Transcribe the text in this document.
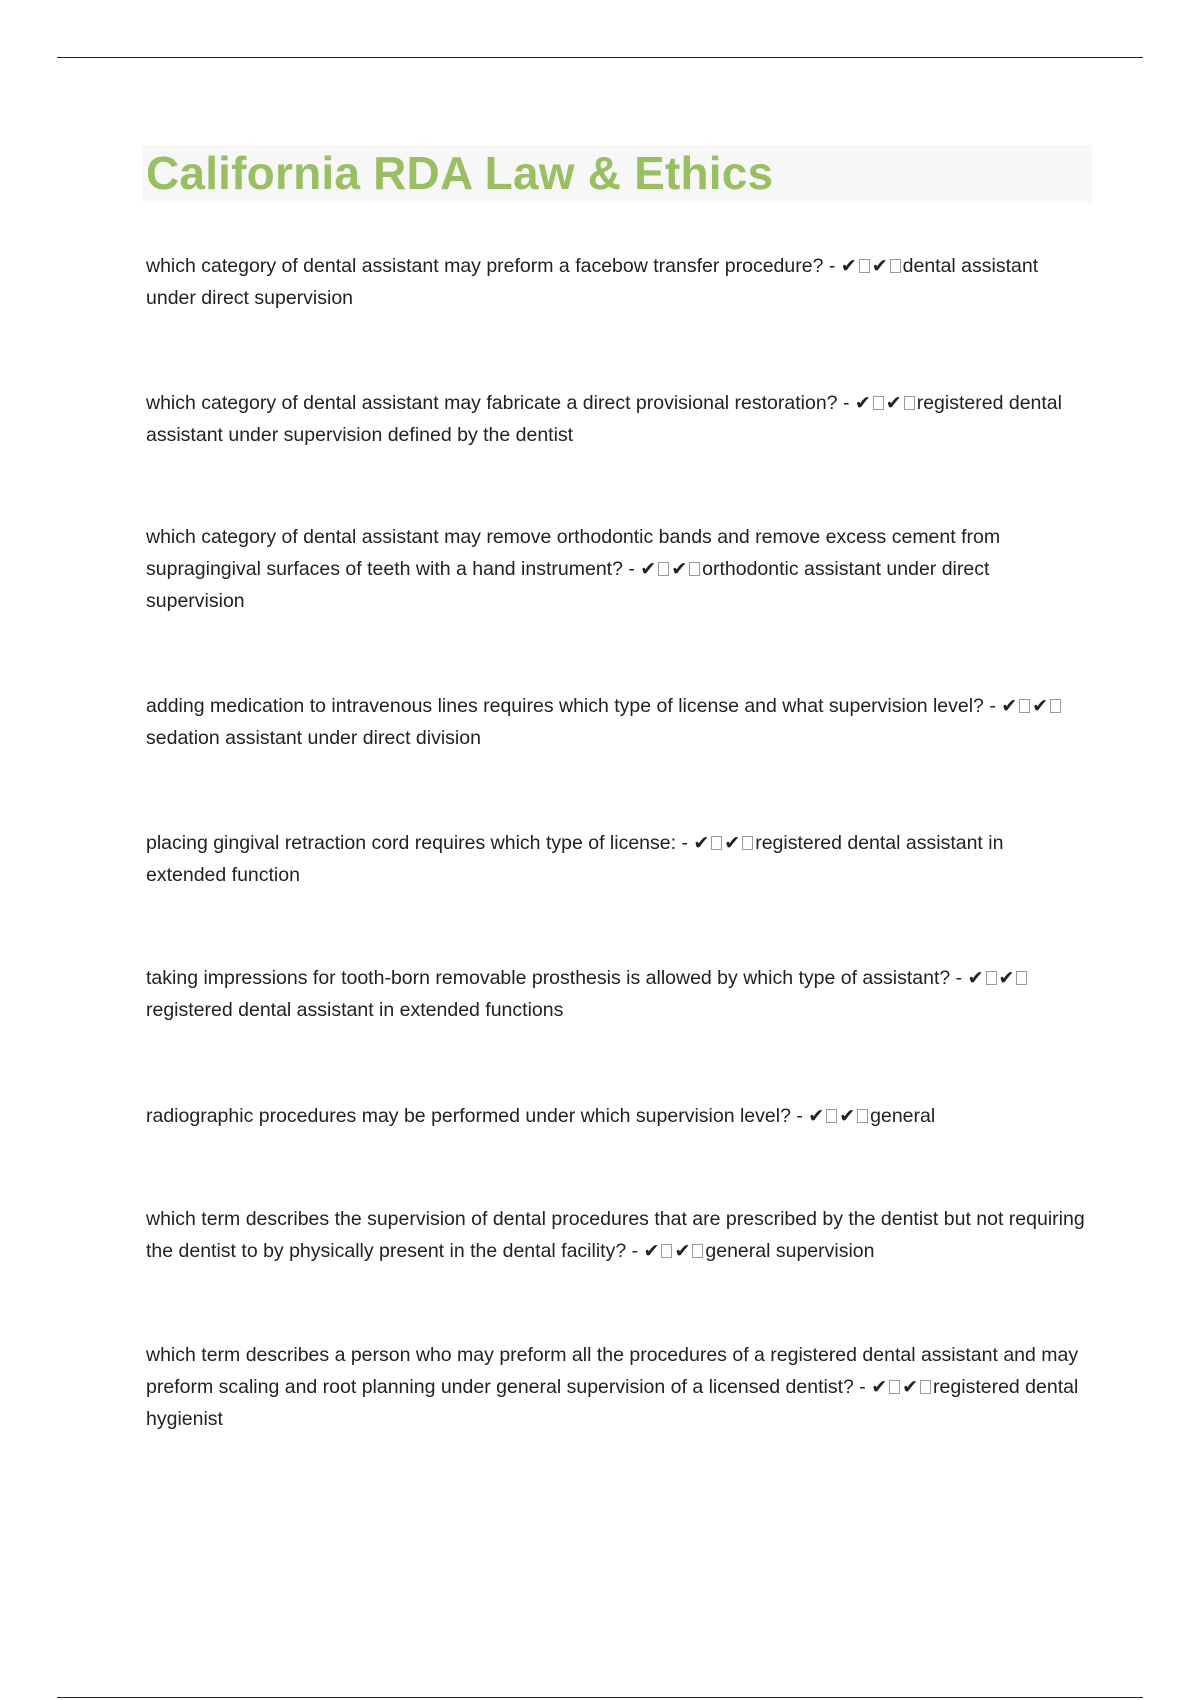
California RDA Law & Ethics

which category of dental assistant may preform a facebow transfer procedure? - ✔ ✔ dental assistant under direct supervision

which category of dental assistant may fabricate a direct provisional restoration? - ✔ ✔ registered dental assistant under supervision defined by the dentist

which category of dental assistant may remove orthodontic bands and remove excess cement from supragingival surfaces of teeth with a hand instrument? - ✔ ✔ orthodontic assistant under direct supervision

adding medication to intravenous lines requires which type of license and what supervision level? - ✔ ✔sedation assistant under direct division

placing gingival retraction cord requires which type of license: - ✔ ✔ registered dental assistant in extended function

taking impressions for tooth-born removable prosthesis is allowed by which type of assistant? - ✔ ✔registered dental assistant in extended functions

radiographic procedures may be performed under which supervision level? - ✔ ✔ general

which term describes the supervision of dental procedures that are prescribed by the dentist but not requiring the dentist to by physically present in the dental facility? - ✔ ✔ general supervision

which term describes a person who may preform all the procedures of a registered dental assistant and may preform scaling and root planning under general supervision of a licensed dentist? - ✔ ✔ registered dental hygienist
